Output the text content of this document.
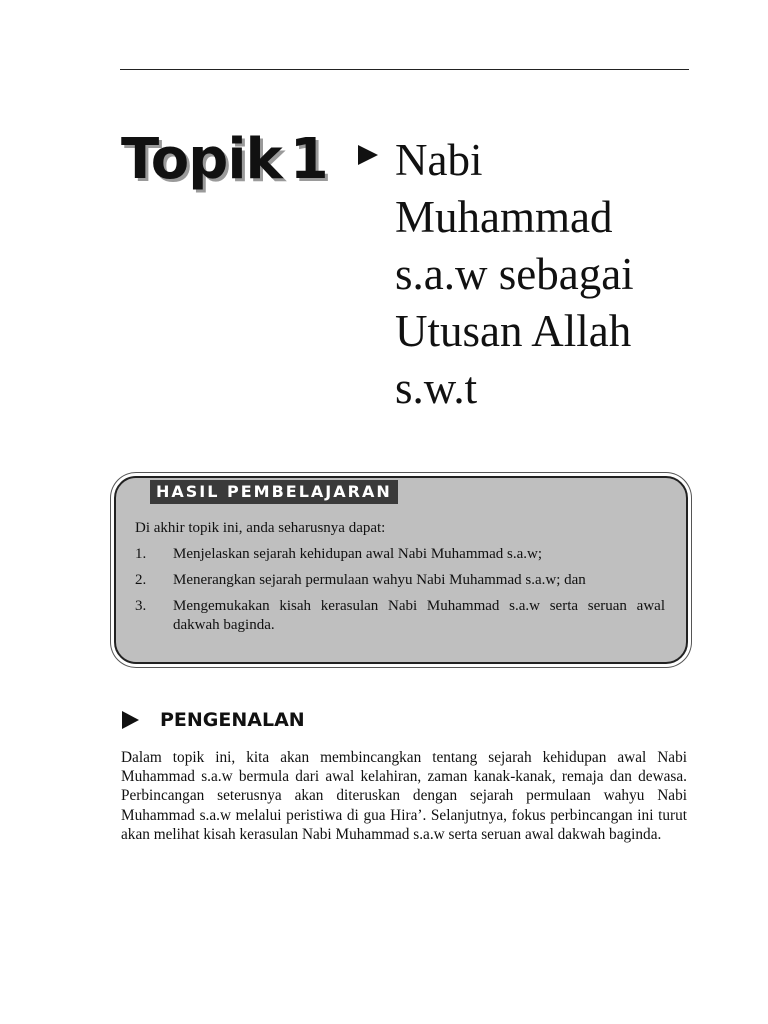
Topik 1 Nabi Muhammad s.a.w sebagai Utusan Allah s.w.t
HASIL PEMBELAJARAN
Di akhir topik ini, anda seharusnya dapat:
1. Menjelaskan sejarah kehidupan awal Nabi Muhammad s.a.w;
2. Menerangkan sejarah permulaan wahyu Nabi Muhammad s.a.w; dan
3. Mengemukakan kisah kerasulan Nabi Muhammad s.a.w serta seruan awal dakwah baginda.
PENGENALAN

Dalam topik ini, kita akan membincangkan tentang sejarah kehidupan awal Nabi Muhammad s.a.w bermula dari awal kelahiran, zaman kanak-kanak, remaja dan dewasa. Perbincangan seterusnya akan diteruskan dengan sejarah permulaan wahyu Nabi Muhammad s.a.w melalui peristiwa di gua Hira’. Selanjutnya, fokus perbincangan ini turut akan melihat kisah kerasulan Nabi Muhammad s.a.w serta seruan awal dakwah baginda.
